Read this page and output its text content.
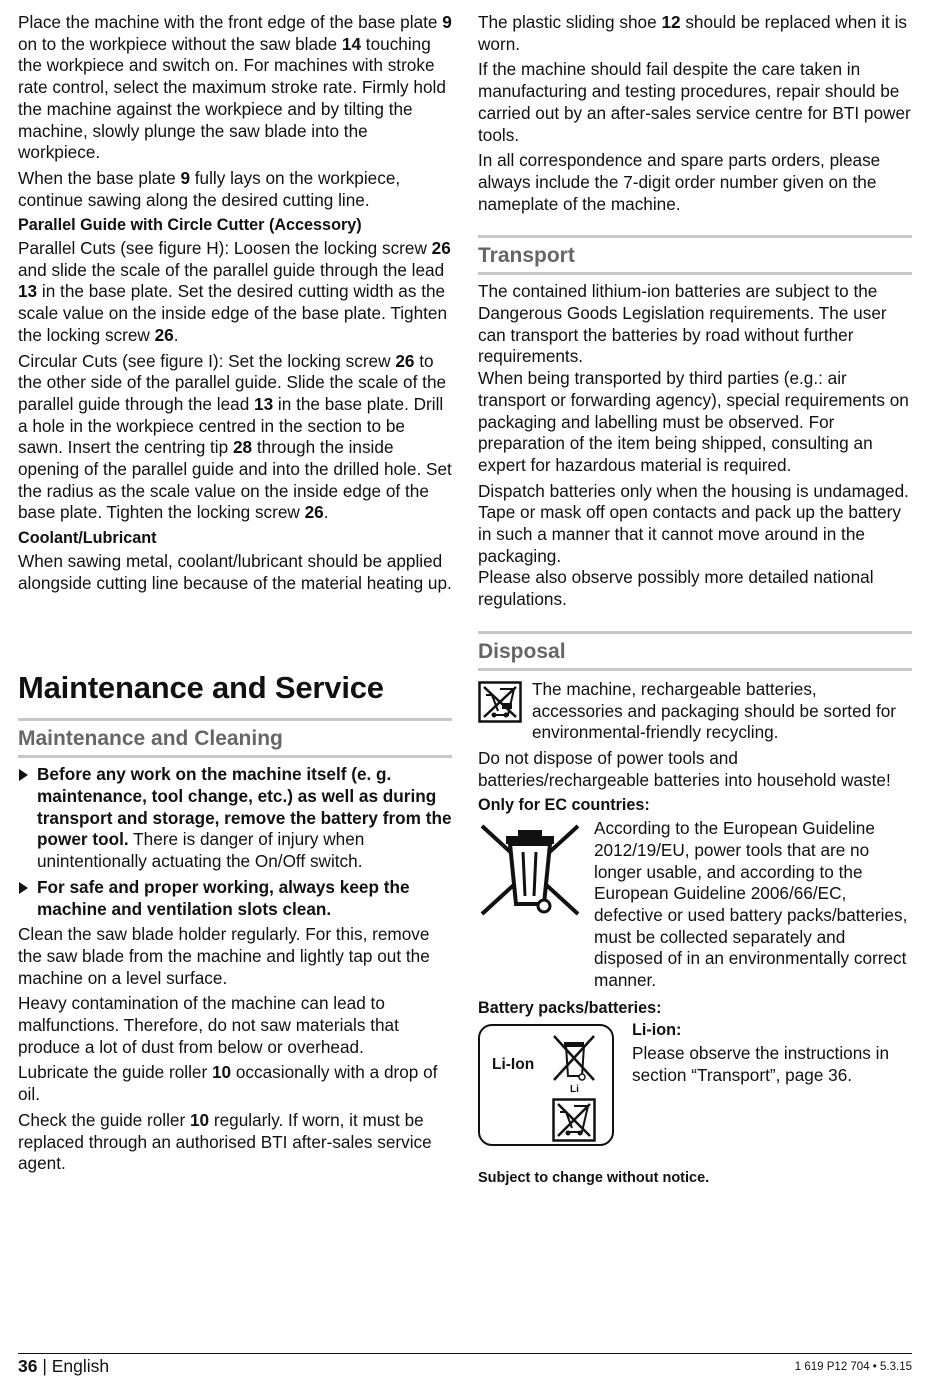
Place the machine with the front edge of the base plate 9 on to the workpiece without the saw blade 14 touching the workpiece and switch on. For machines with stroke rate control, select the maximum stroke rate. Firmly hold the machine against the workpiece and by tilting the machine, slowly plunge the saw blade into the workpiece.

When the base plate 9 fully lays on the workpiece, continue sawing along the desired cutting line.

Parallel Guide with Circle Cutter (Accessory)

Parallel Cuts (see figure H): Loosen the locking screw 26 and slide the scale of the parallel guide through the lead 13 in the base plate. Set the desired cutting width as the scale value on the inside edge of the base plate. Tighten the locking screw 26.

Circular Cuts (see figure I): Set the locking screw 26 to the other side of the parallel guide. Slide the scale of the parallel guide through the lead 13 in the base plate. Drill a hole in the workpiece centred in the section to be sawn. Insert the centring tip 28 through the inside opening of the parallel guide and into the drilled hole. Set the radius as the scale value on the inside edge of the base plate. Tighten the locking screw 26.

Coolant/Lubricant

When sawing metal, coolant/lubricant should be applied alongside cutting line because of the material heating up.

Maintenance and Service
Maintenance and Cleaning
Before any work on the machine itself (e. g. maintenance, tool change, etc.) as well as during transport and storage, remove the battery from the power tool. There is danger of injury when unintentionally actuating the On/Off switch.
For safe and proper working, always keep the machine and ventilation slots clean.

Clean the saw blade holder regularly. For this, remove the saw blade from the machine and lightly tap out the machine on a level surface.

Heavy contamination of the machine can lead to malfunctions. Therefore, do not saw materials that produce a lot of dust from below or overhead.

Lubricate the guide roller 10 occasionally with a drop of oil.

Check the guide roller 10 regularly. If worn, it must be replaced through an authorised BTI after-sales service agent.

The plastic sliding shoe 12 should be replaced when it is worn.

If the machine should fail despite the care taken in manufacturing and testing procedures, repair should be carried out by an after-sales service centre for BTI power tools.

In all correspondence and spare parts orders, please always include the 7-digit order number given on the nameplate of the machine.

Transport

The contained lithium-ion batteries are subject to the Dangerous Goods Legislation requirements. The user can transport the batteries by road without further requirements.

When being transported by third parties (e.g.: air transport or forwarding agency), special requirements on packaging and labelling must be observed. For preparation of the item being shipped, consulting an expert for hazardous material is required.

Dispatch batteries only when the housing is undamaged. Tape or mask off open contacts and pack up the battery in such a manner that it cannot move around in the packaging.

Please also observe possibly more detailed national regulations.

Disposal

The machine, rechargeable batteries, accessories and packaging should be sorted for environmental-friendly recycling.

Do not dispose of power tools and batteries/rechargeable batteries into household waste!

Only for EC countries:

According to the European Guideline 2012/19/EU, power tools that are no longer usable, and according to the European Guideline 2006/66/EC, defective or used battery packs/batteries, must be collected separately and disposed of in an environmentally correct manner.

Battery packs/batteries:
Li-Ion
Li
Li-ion:

Please observe the instructions in section “Transport”, page 36.

Subject to change without notice.
36 | English	1 619 P12 704 • 5.3.15
